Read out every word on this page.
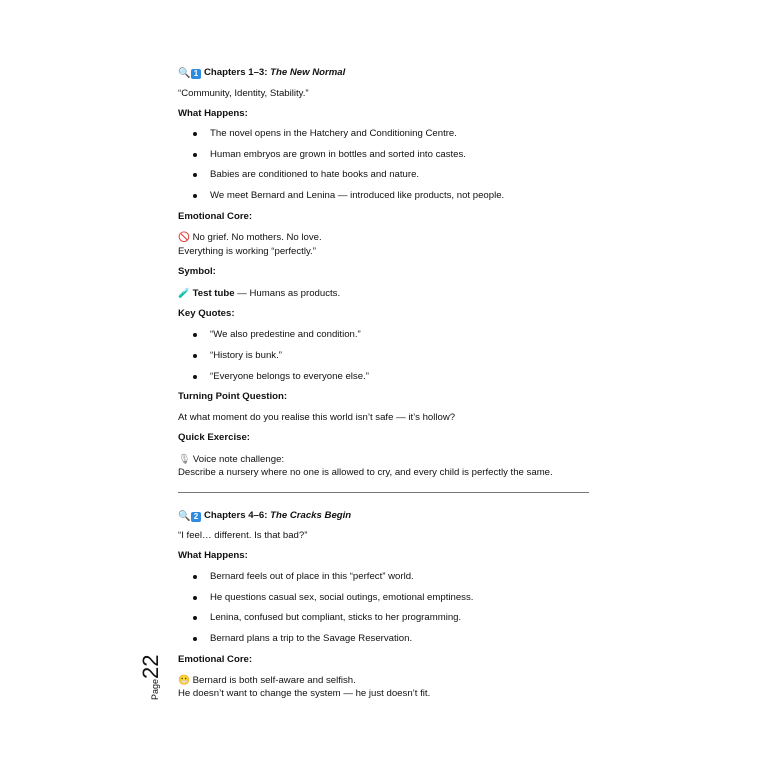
🔍 1 Chapters 1–3: The New Normal
“Community, Identity, Stability.”
What Happens:
The novel opens in the Hatchery and Conditioning Centre.
Human embryos are grown in bottles and sorted into castes.
Babies are conditioned to hate books and nature.
We meet Bernard and Lenina — introduced like products, not people.
Emotional Core:
🚫 No grief. No mothers. No love.
Everything is working “perfectly.”
Symbol:
🧪 Test tube — Humans as products.
Key Quotes:
“We also predestine and condition.”
“History is bunk.”
“Everyone belongs to everyone else.”
Turning Point Question:
At what moment do you realise this world isn’t safe — it’s hollow?
Quick Exercise:
🎙 Voice note challenge:
Describe a nursery where no one is allowed to cry, and every child is perfectly the same.
🔍 2 Chapters 4–6: The Cracks Begin
“I feel… different. Is that bad?”
What Happens:
Bernard feels out of place in this “perfect” world.
He questions casual sex, social outings, emotional emptiness.
Lenina, confused but compliant, sticks to her programming.
Bernard plans a trip to the Savage Reservation.
Emotional Core:
😬 Bernard is both self-aware and selfish.
He doesn’t want to change the system — he just doesn’t fit.
Page22
